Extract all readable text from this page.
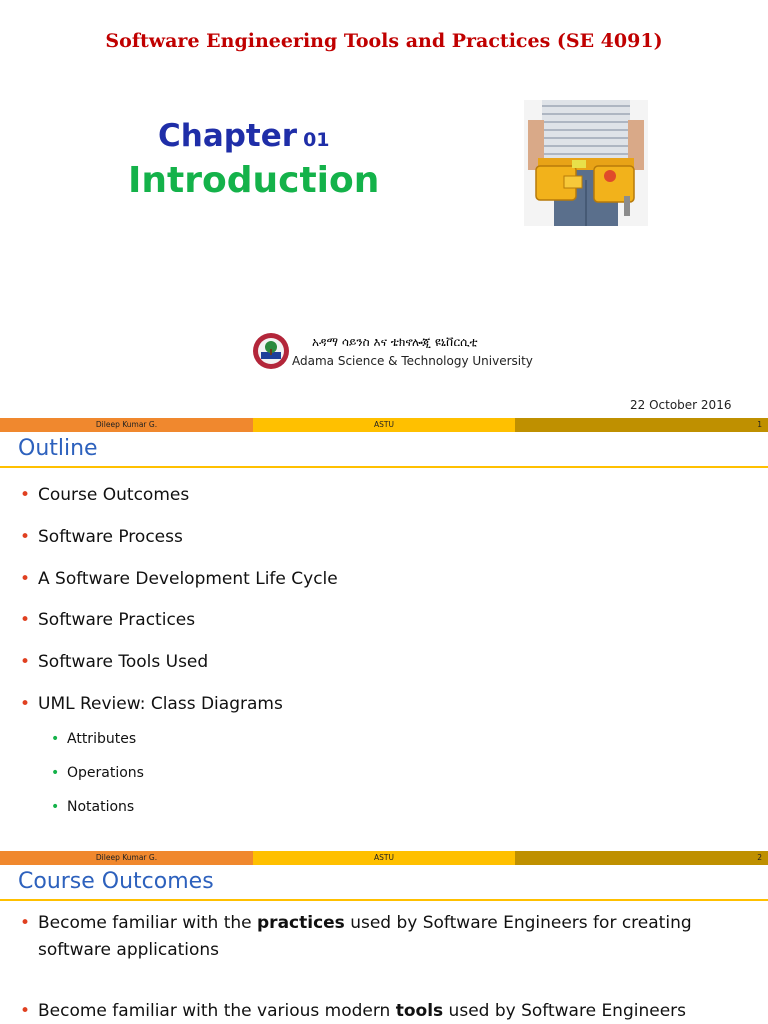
Software Engineering Tools and Practices (SE 4091)
Chapter 01
Introduction
አዳማ ሳይንስ እና ቴክኖሎጂ ዩኒቨርሲቲ
Adama Science & Technology University
22 October 2016
Dileep Kumar G.	ASTU	1
Outline
• Course Outcomes
• Software Process
• A Software Development Life Cycle
• Software Practices
• Software Tools Used
• UML Review: Class Diagrams
• Attributes
• Operations
• Notations
Dileep Kumar G.	ASTU	2
Course Outcomes
• Become familiar with the practices used by Software Engineers for creating software applications
• Become familiar with the various modern tools used by Software Engineers
